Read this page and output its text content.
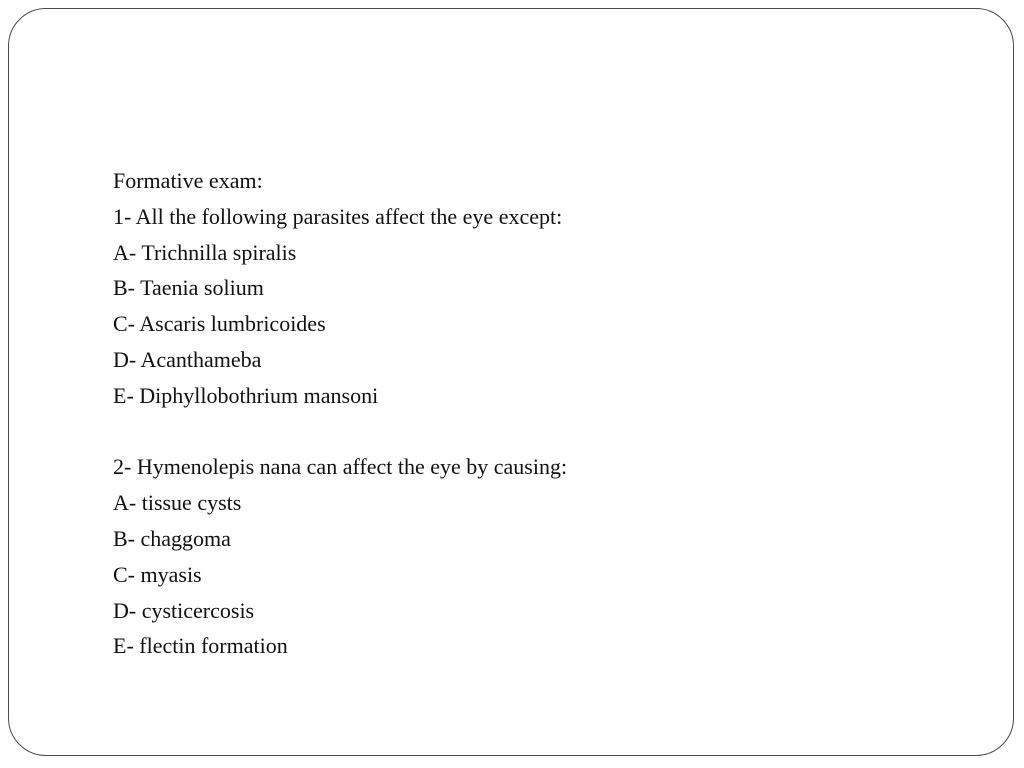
Formative exam:
1- All the following parasites affect the eye except:
A- Trichnilla spiralis
B- Taenia solium
C- Ascaris lumbricoides
D- Acanthameba
E- Diphyllobothrium mansoni
2- Hymenolepis nana can affect the eye by causing:
A- tissue cysts
B- chaggoma
C- myasis
D- cysticercosis
E- flectin formation
